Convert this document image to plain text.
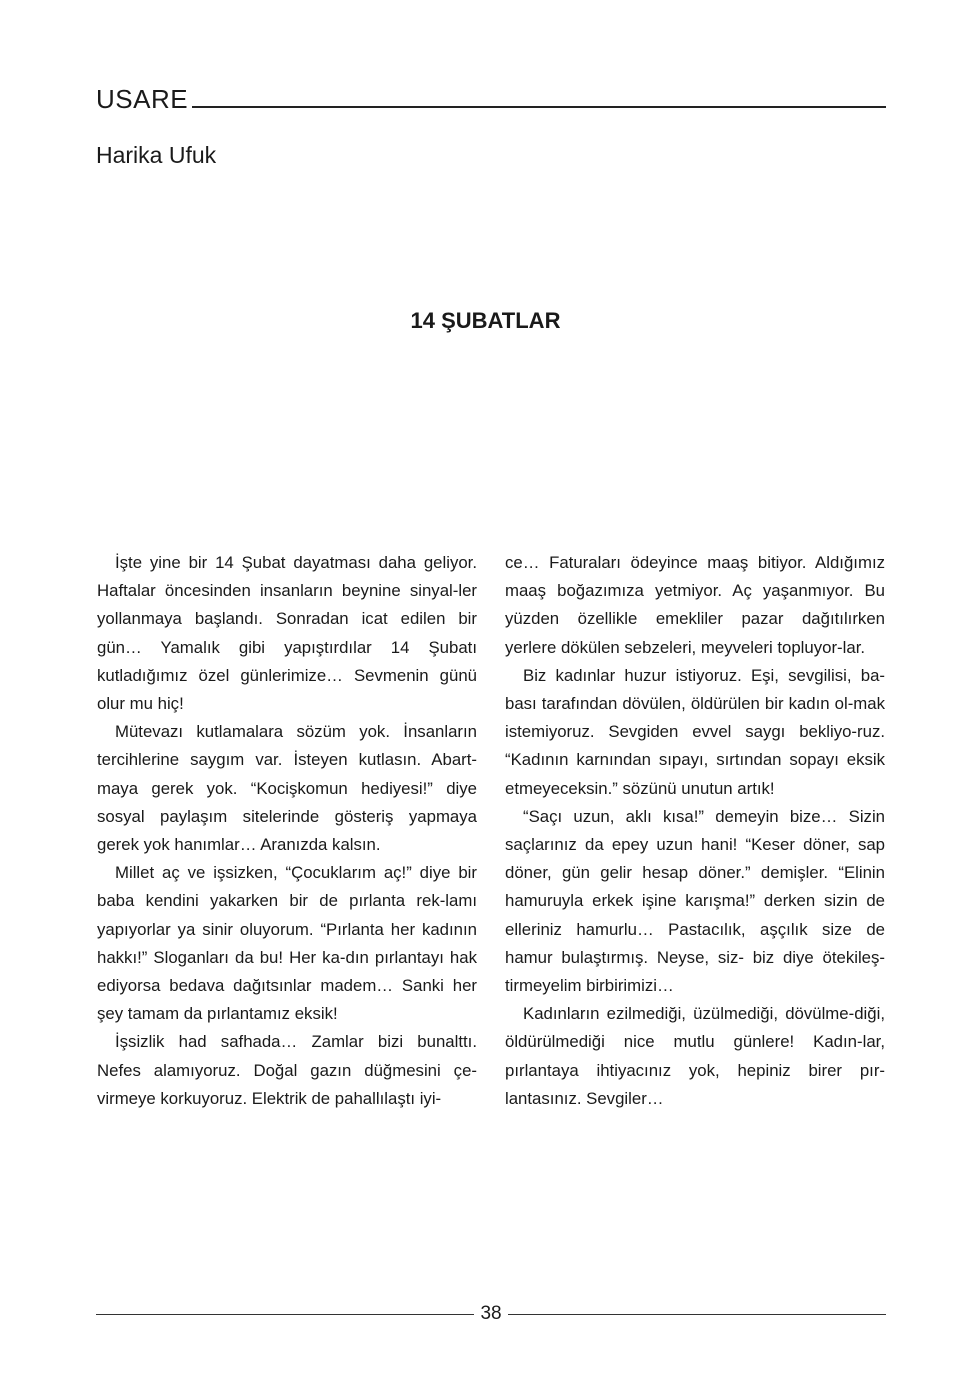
USARE
Harika Ufuk
14 ŞUBATLAR

İşte yine bir 14 Şubat dayatması daha geliyor. Haftalar öncesinden insanların beynine sinyal-ler yollanmaya başlandı. Sonradan icat edilen bir gün… Yamalık gibi yapıştırdılar 14 Şubatı kutladığımız özel günlerimize… Sevmenin günü olur mu hiç!

Mütevazı kutlamalara sözüm yok. İnsanların tercihlerine saygım var. İsteyen kutlasın. Abart-maya gerek yok. “Kocişkomun hediyesi!” diye sosyal paylaşım sitelerinde gösteriş yapmaya gerek yok hanımlar… Aranızda kalsın.

Millet aç ve işsizken, “Çocuklarım aç!” diye bir baba kendini yakarken bir de pırlanta rek-lamı yapıyorlar ya sinir oluyorum. “Pırlanta her kadının hakkı!” Sloganları da bu! Her ka-dın pırlantayı hak ediyorsa bedava dağıtsınlar madem… Sanki her şey tamam da pırlantamız eksik!

İşsizlik had safhada… Zamlar bizi bunalttı. Nefes alamıyoruz. Doğal gazın düğmesini çe-virmeye korkuyoruz. Elektrik de pahallılaştı iyi-

ce… Faturaları ödeyince maaş bitiyor. Aldığımız maaş boğazımıza yetmiyor. Aç yaşanmıyor. Bu yüzden özellikle emekliler pazar dağıtılırken yerlere dökülen sebzeleri, meyveleri topluyor-lar.

Biz kadınlar huzur istiyoruz. Eşi, sevgilisi, ba-bası tarafından dövülen, öldürülen bir kadın ol-mak istemiyoruz. Sevgiden evvel saygı bekliyo-ruz. “Kadının karnından sıpayı, sırtından sopayı eksik etmeyeceksin.” sözünü unutun artık!

“Saçı uzun, aklı kısa!” demeyin bize… Sizin saçlarınız da epey uzun hani! “Keser döner, sap döner, gün gelir hesap döner.” demişler. “Elinin hamuruyla erkek işine karışma!” derken sizin de elleriniz hamurlu… Pastacılık, aşçılık size de hamur bulaştırmış. Neyse, siz- biz diye ötekileş-tirmeyelim birbirimizi…

Kadınların ezilmediği, üzülmediği, dövülme-diği, öldürülmediği nice mutlu günlere! Kadın-lar, pırlantaya ihtiyacınız yok, hepiniz birer pır-lantasınız. Sevgiler…

38
